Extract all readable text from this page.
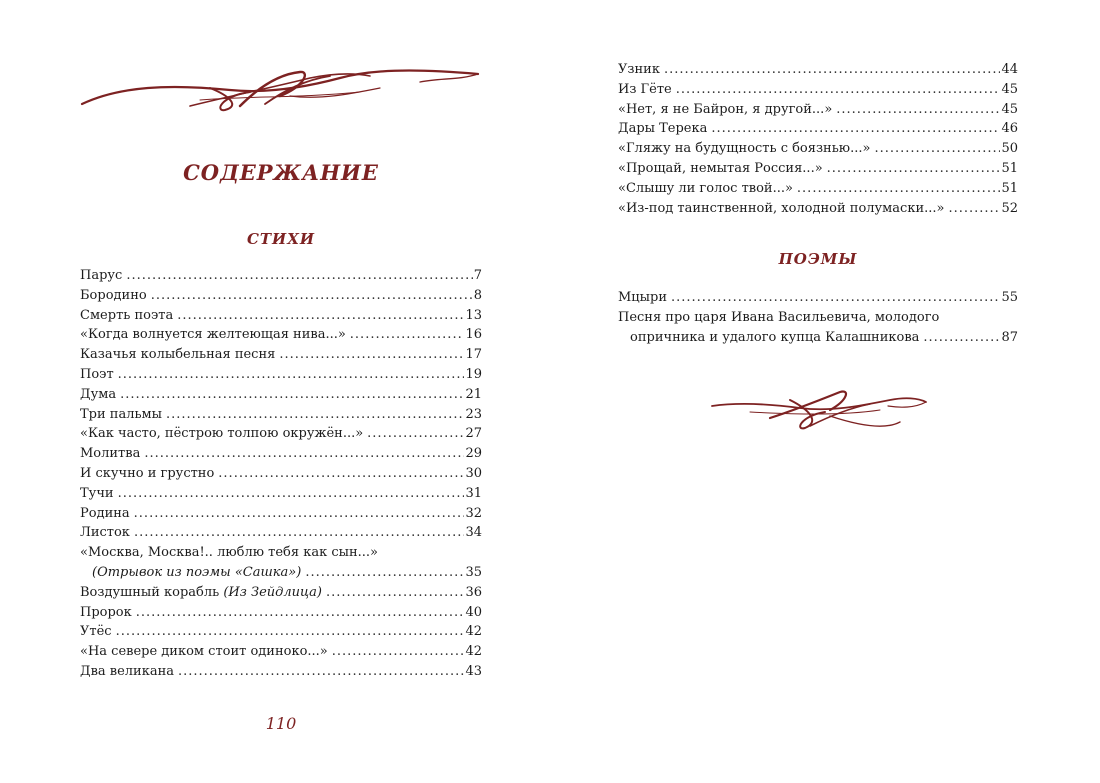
СОДЕРЖАНИЕ
СТИХИ
Парус .....	7
Бородино .....	8
Смерть поэта .....	13
«Когда волнуется желтеющая нива...» .....	16
Казачья колыбельная песня .....	17
Поэт .....	19
Дума .....	21
Три пальмы .....	23
«Как часто, пёстрою толпою окружён...» .....	27
Молитва .....	29
И скучно и грустно .....	30
Тучи .....	31
Родина .....	32
Листок .....	34
«Москва, Москва!.. люблю тебя как сын...»
(Отрывок из поэмы «Сашка») .....	35
Воздушный корабль (Из Зейдлица) .....	36
Пророк .....	40
Утёс .....	42
«На севере диком стоит одиноко...» .....	42
Два великана .....	43
110
Узник .....	44
Из Гёте .....	45
«Нет, я не Байрон, я другой...» .....	45
Дары Терека .....	46
«Гляжу на будущность с боязнью...» .....	50
«Прощай, немытая Россия...» .....	51
«Слышу ли голос твой...» .....	51
«Из-под таинственной, холодной полумаски...» .....	52
ПОЭМЫ
Мцыри .....	55
Песня про царя Ивана Васильевича, молодого
опричника и удалого купца Калашникова .....	87
